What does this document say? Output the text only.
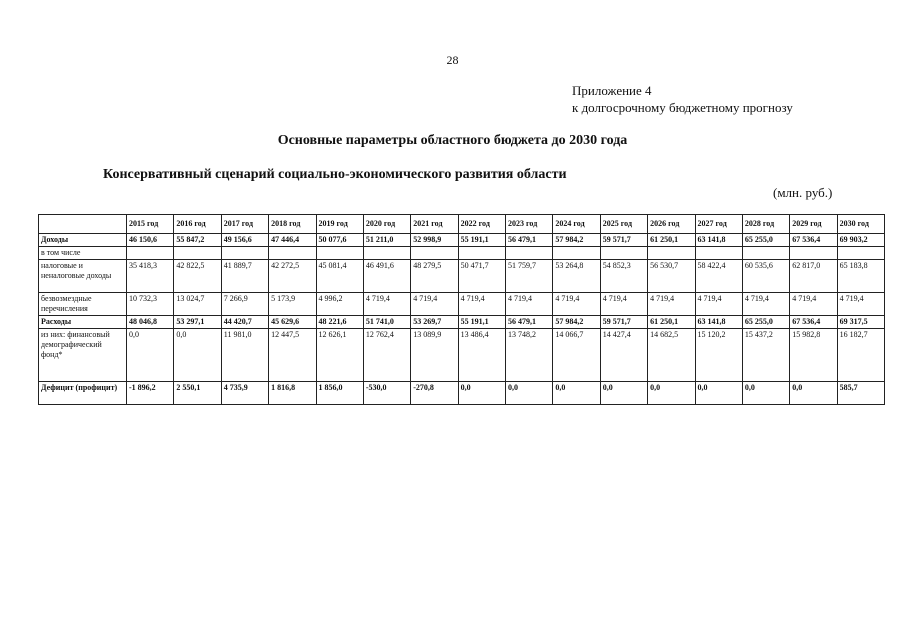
28
Приложение 4
к долгосрочному бюджетному прогнозу
Основные параметры областного бюджета до 2030 года
Консервативный сценарий социально-экономического развития области
(млн. руб.)
	2015 год	2016 год	2017 год	2018 год	2019 год	2020 год	2021 год	2022 год	2023 год	2024 год	2025 год	2026 год	2027 год	2028 год	2029 год	2030 год
Доходы	46 150,6	55 847,2	49 156,6	47 446,4	50 077,6	51 211,0	52 998,9	55 191,1	56 479,1	57 984,2	59 571,7	61 250,1	63 141,8	65 255,0	67 536,4	69 903,2
в том числе																
налоговые и неналоговые доходы	35 418,3	42 822,5	41 889,7	42 272,5	45 081,4	46 491,6	48 279,5	50 471,7	51 759,7	53 264,8	54 852,3	56 530,7	58 422,4	60 535,6	62 817,0	65 183,8
безвозмездные перечисления	10 732,3	13 024,7	7 266,9	5 173,9	4 996,2	4 719,4	4 719,4	4 719,4	4 719,4	4 719,4	4 719,4	4 719,4	4 719,4	4 719,4	4 719,4	4 719,4
Расходы	48 046,8	53 297,1	44 420,7	45 629,6	48 221,6	51 741,0	53 269,7	55 191,1	56 479,1	57 984,2	59 571,7	61 250,1	63 141,8	65 255,0	67 536,4	69 317,5
из них: финансовый демографический фонд*	0,0	0,0	11 981,0	12 447,5	12 626,1	12 762,4	13 089,9	13 486,4	13 748,2	14 066,7	14 427,4	14 682,5	15 120,2	15 437,2	15 982,8	16 182,7
Дефицит (профицит)	-1 896,2	2 550,1	4 735,9	1 816,8	1 856,0	-530,0	-270,8	0,0	0,0	0,0	0,0	0,0	0,0	0,0	0,0	585,7
